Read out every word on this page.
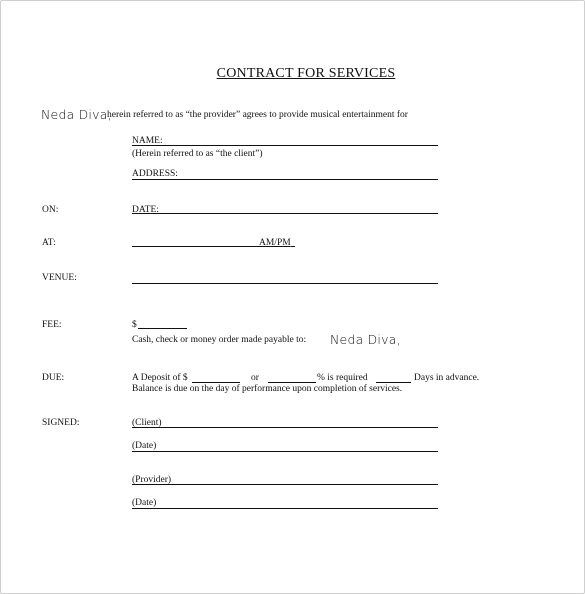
CONTRACT FOR SERVICES
Neda Diva,
herein referred to as “the provider” agrees to provide musical entertainment for
NAME:
(Herein referred to as “the client”)
ADDRESS:
ON:	DATE:
AT:	AM/PM
VENUE:
FEE:	$
Cash, check or money order made payable to: Neda Diva,
DUE:	A Deposit of $	or	% is required	Days in advance.
Balance is due on the day of performance upon completion of services.
SIGNED:	(Client)
(Date)
(Provider)
(Date)
